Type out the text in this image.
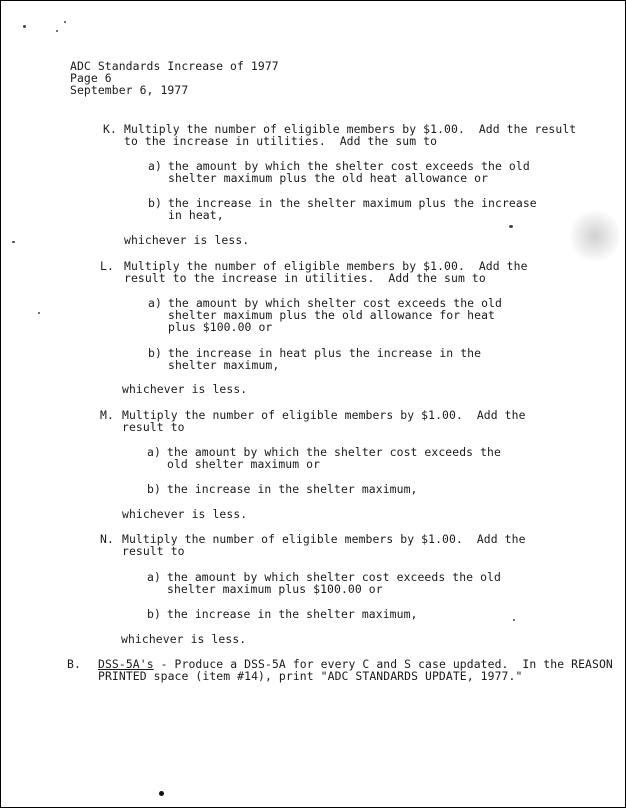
ADC Standards Increase of 1977
Page 6
September 6, 1977
K. Multiply the number of eligible members by $1.00.  Add the result
to the increase in utilities.  Add the sum to
a) the amount by which the shelter cost exceeds the old
shelter maximum plus the old heat allowance or
b) the increase in the shelter maximum plus the increase
in heat,
whichever is less.
L. Multiply the number of eligible members by $1.00.  Add the
result to the increase in utilities.  Add the sum to
a) the amount by which shelter cost exceeds the old
shelter maximum plus the old allowance for heat
plus $100.00 or
b) the increase in heat plus the increase in the
shelter maximum,
whichever is less.
M. Multiply the number of eligible members by $1.00.  Add the
result to
a) the amount by which the shelter cost exceeds the
old shelter maximum or
b) the increase in the shelter maximum,
whichever is less.
N. Multiply the number of eligible members by $1.00.  Add the
result to
a) the amount by which shelter cost exceeds the old
shelter maximum plus $100.00 or
b) the increase in the shelter maximum,
whichever is less.
B. DSS-5A's - Produce a DSS-5A for every C and S case updated.  In the REASON
PRINTED space (item #14), print "ADC STANDARDS UPDATE, 1977."
